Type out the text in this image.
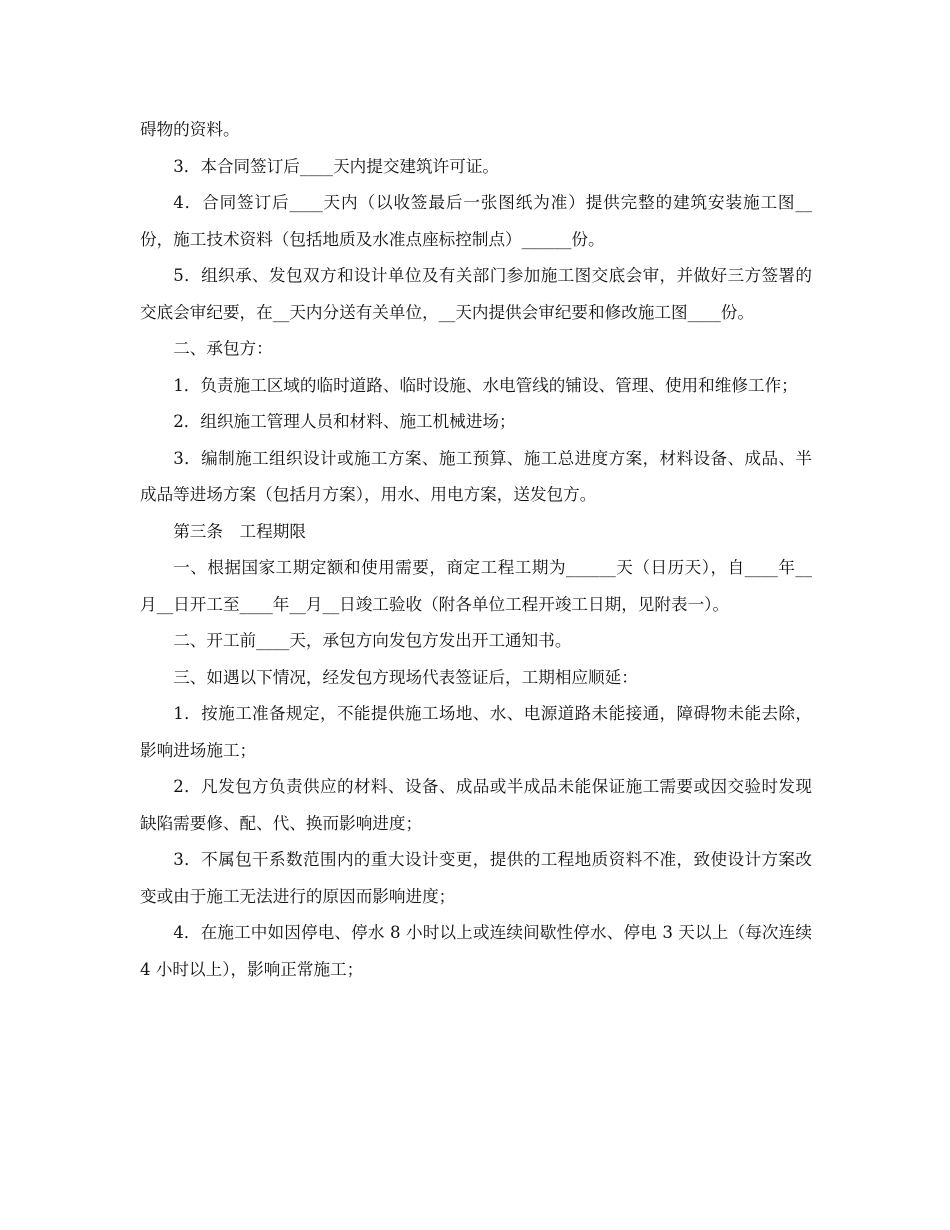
碍物的资料。

3．本合同签订后____天内提交建筑许可证。

4．合同签订后____天内（以收签最后一张图纸为准）提供完整的建筑安装施工图__份，施工技术资料（包括地质及水准点座标控制点）______份。

5．组织承、发包双方和设计单位及有关部门参加施工图交底会审，并做好三方签署的交底会审纪要，在__天内分送有关单位，__天内提供会审纪要和修改施工图____份。

二、承包方：

1．负责施工区域的临时道路、临时设施、水电管线的铺设、管理、使用和维修工作；

2．组织施工管理人员和材料、施工机械进场；

3．编制施工组织设计或施工方案、施工预算、施工总进度方案，材料设备、成品、半成品等进场方案（包括月方案），用水、用电方案，送发包方。

第三条　工程期限

一、根据国家工期定额和使用需要，商定工程工期为______天（日历天），自____年__月__日开工至____年__月__日竣工验收（附各单位工程开竣工日期，见附表一）。

二、开工前____天，承包方向发包方发出开工通知书。

三、如遇以下情况，经发包方现场代表签证后，工期相应顺延：

1．按施工准备规定，不能提供施工场地、水、电源道路未能接通，障碍物未能去除，影响进场施工；

2．凡发包方负责供应的材料、设备、成品或半成品未能保证施工需要或因交验时发现缺陷需要修、配、代、换而影响进度；

3．不属包干系数范围内的重大设计变更，提供的工程地质资料不准，致使设计方案改变或由于施工无法进行的原因而影响进度；

4．在施工中如因停电、停水 8 小时以上或连续间歇性停水、停电 3 天以上（每次连续 4 小时以上），影响正常施工；
